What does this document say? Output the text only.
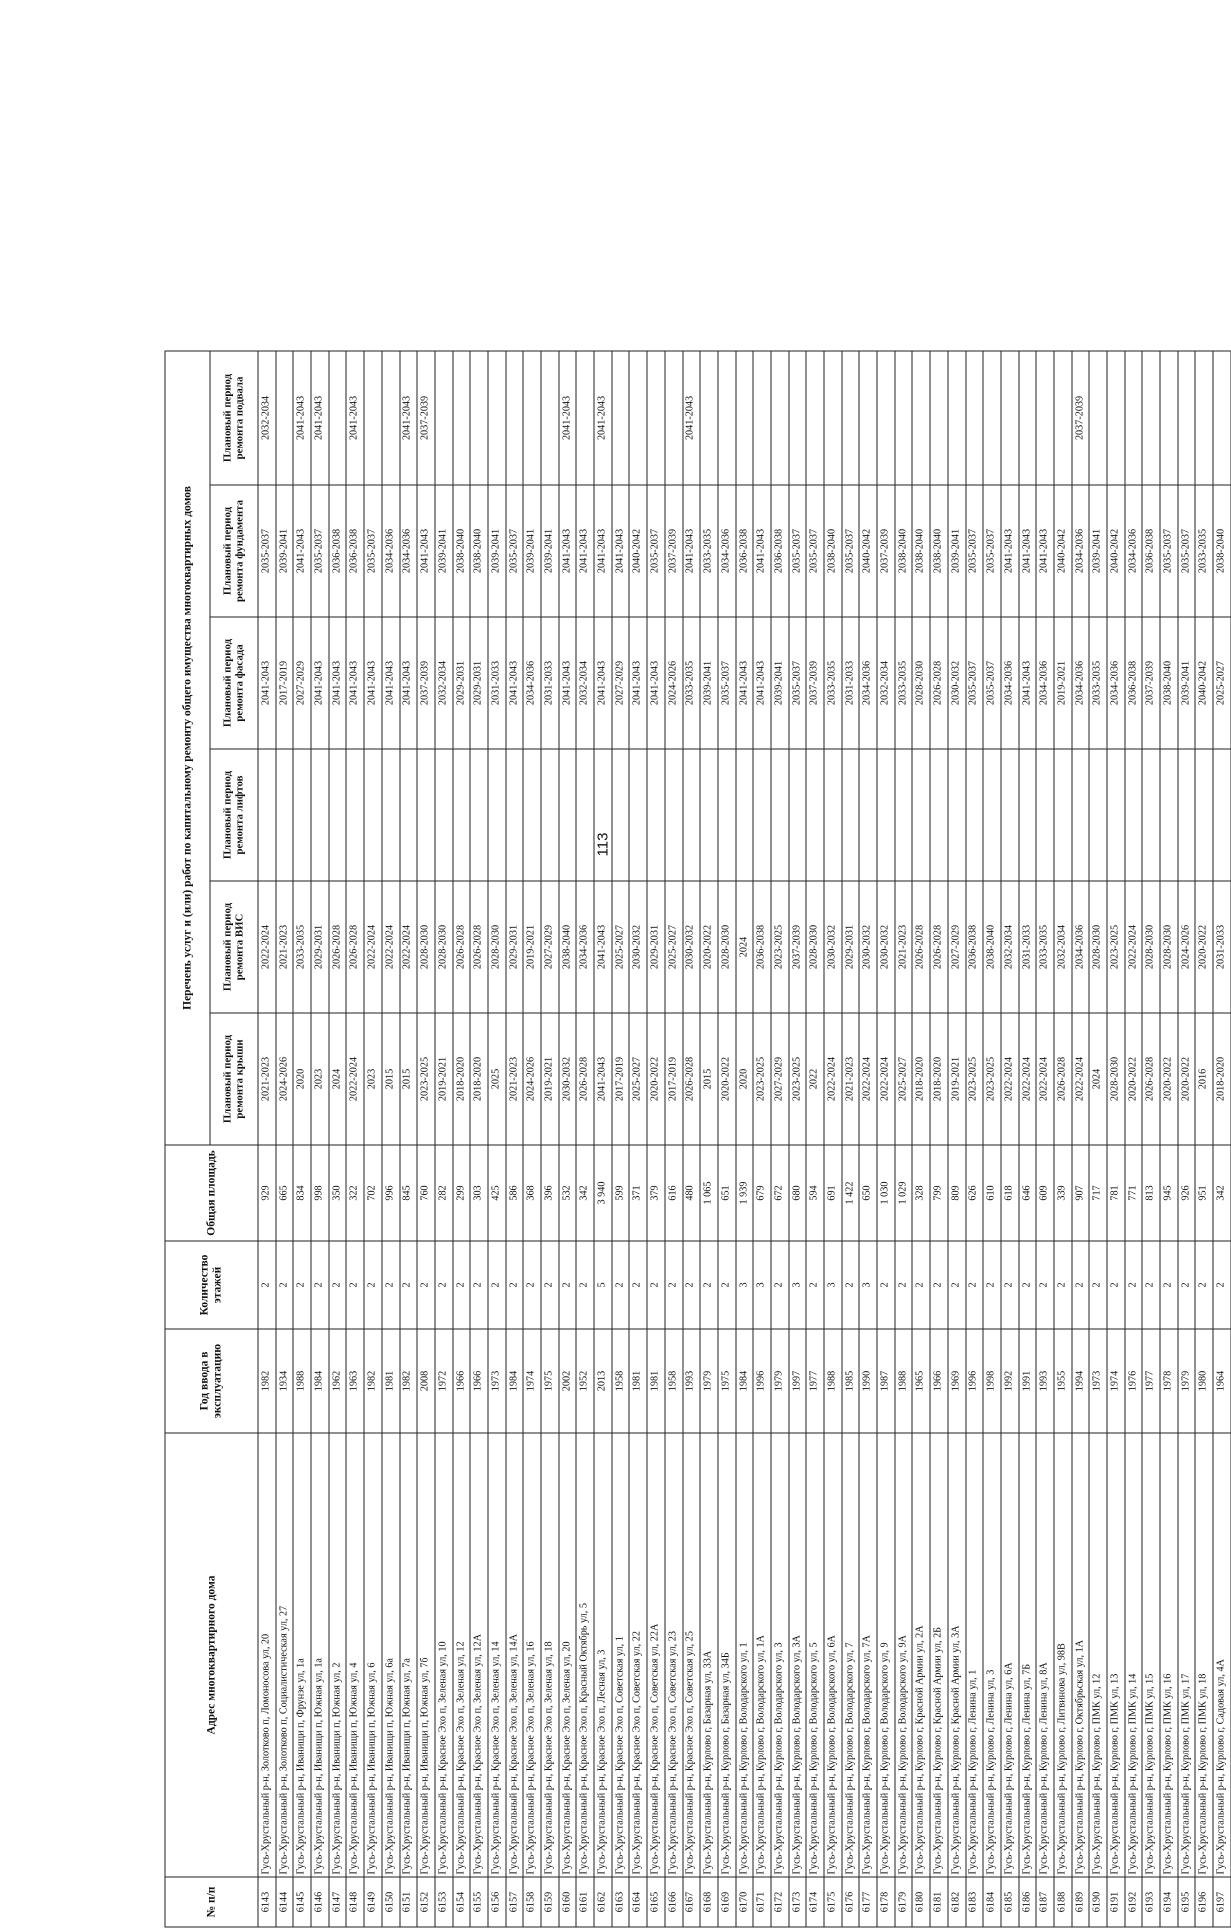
113
№ п/п	Адрес многоквартирного дома	Год ввода в эксплуатацию	Количество этажей	Общая площадь	Перечень услуг и (или) работ по капитальному ремонту общего имущества многоквартирных домов					
					Плановый период ремонта крыши	Плановый период ремонта ВИС	Плановый период ремонта лифтов	Плановый период ремонта фасада	Плановый период ремонта фундамента	Плановый период ремонта подвала
6143	Гусь-Хрустальный р-н, Золотково п, Ломоносова ул, 20	1982	2	929	2021-2023	2022-2024		2041-2043	2035-2037	2032-2034
6144	Гусь-Хрустальный р-н, Золотково п, Социалистическая ул, 27	1934	2	665	2024-2026	2021-2023		2017-2019	2039-2041	
6145	Гусь-Хрустальный р-н, Иванищи п, Фрунзе ул, 1а	1988	2	834	2020	2033-2035		2027-2029	2041-2043	2041-2043
6146	Гусь-Хрустальный р-н, Иванищи п, Южная ул, 1а	1984	2	998	2023	2029-2031		2041-2043	2035-2037	2041-2043
6147	Гусь-Хрустальный р-н, Иванищи п, Южная ул, 2	1962	2	350	2024	2026-2028		2041-2043	2036-2038	
6148	Гусь-Хрустальный р-н, Иванищи п, Южная ул, 4	1963	2	322	2022-2024	2026-2028		2041-2043	2036-2038	2041-2043
6149	Гусь-Хрустальный р-н, Иванищи п, Южная ул, 6	1982	2	702	2023	2022-2024		2041-2043	2035-2037	
6150	Гусь-Хрустальный р-н, Иванищи п, Южная ул, 6а	1981	2	996	2015	2022-2024		2041-2043	2034-2036	
6151	Гусь-Хрустальный р-н, Иванищи п, Южная ул, 7а	1982	2	845	2015	2022-2024		2041-2043	2034-2036	2041-2043
6152	Гусь-Хрустальный р-н, Иванищи п, Южная ул, 7б	2008	2	760	2023-2025	2028-2030		2037-2039	2041-2043	2037-2039
6153	Гусь-Хрустальный р-н, Красное Эхо п, Зеленая ул, 10	1972	2	282	2019-2021	2028-2030		2032-2034	2039-2041	
6154	Гусь-Хрустальный р-н, Красное Эхо п, Зеленая ул, 12	1966	2	299	2018-2020	2026-2028		2029-2031	2038-2040	
6155	Гусь-Хрустальный р-н, Красное Эхо п, Зеленая ул, 12А	1966	2	303	2018-2020	2026-2028		2029-2031	2038-2040	
6156	Гусь-Хрустальный р-н, Красное Эхо п, Зеленая ул, 14	1973	2	425	2025	2028-2030		2031-2033	2039-2041	
6157	Гусь-Хрустальный р-н, Красное Эхо п, Зеленая ул, 14А	1984	2	586	2021-2023	2029-2031		2041-2043	2035-2037	
6158	Гусь-Хрустальный р-н, Красное Эхо п, Зеленая ул, 16	1974	2	368	2024-2026	2019-2021		2034-2036	2039-2041	
6159	Гусь-Хрустальный р-н, Красное Эхо п, Зеленая ул, 18	1975	2	396	2019-2021	2027-2029		2031-2033	2039-2041	
6160	Гусь-Хрустальный р-н, Красное Эхо п, Зеленая ул, 20	2002	2	532	2030-2032	2038-2040		2041-2043	2041-2043	2041-2043
6161	Гусь-Хрустальный р-н, Красное Эхо п, Красный Октябрь ул, 5	1952	2	342	2026-2028	2034-2036		2032-2034	2041-2043	
6162	Гусь-Хрустальный р-н, Красное Эхо п, Лесная ул, 3	2013	5	3 940	2041-2043	2041-2043		2041-2043	2041-2043	2041-2043
6163	Гусь-Хрустальный р-н, Красное Эхо п, Советская ул, 1	1958	2	599	2017-2019	2025-2027		2027-2029	2041-2043	
6164	Гусь-Хрустальный р-н, Красное Эхо п, Советская ул, 22	1981	2	371	2025-2027	2030-2032		2041-2043	2040-2042	
6165	Гусь-Хрустальный р-н, Красное Эхо п, Советская ул, 22А	1981	2	379	2020-2022	2029-2031		2041-2043	2035-2037	
6166	Гусь-Хрустальный р-н, Красное Эхо п, Советская ул, 23	1958	2	616	2017-2019	2025-2027		2024-2026	2037-2039	
6167	Гусь-Хрустальный р-н, Красное Эхо п, Советская ул, 25	1993	2	480	2026-2028	2030-2032		2033-2035	2041-2043	2041-2043
6168	Гусь-Хрустальный р-н, Курлово г, Базарная ул, 33А	1979	2	1 065	2015	2020-2022		2039-2041	2033-2035	
6169	Гусь-Хрустальный р-н, Курлово г, Базарная ул, 34Б	1975	2	651	2020-2022	2028-2030		2035-2037	2034-2036	
6170	Гусь-Хрустальный р-н, Курлово г, Володарского ул, 1	1984	3	1 939	2020	2024		2041-2043	2036-2038	
6171	Гусь-Хрустальный р-н, Курлово г, Володарского ул, 1А	1996	3	679	2023-2025	2036-2038		2041-2043	2041-2043	
6172	Гусь-Хрустальный р-н, Курлово г, Володарского ул, 3	1979	2	672	2027-2029	2023-2025		2039-2041	2036-2038	
6173	Гусь-Хрустальный р-н, Курлово г, Володарского ул, 3А	1997	3	680	2023-2025	2037-2039		2035-2037	2035-2037	
6174	Гусь-Хрустальный р-н, Курлово г, Володарского ул, 5	1977	2	594	2022	2028-2030		2037-2039	2035-2037	
6175	Гусь-Хрустальный р-н, Курлово г, Володарского ул, 6А	1988	3	691	2022-2024	2030-2032		2033-2035	2038-2040	
6176	Гусь-Хрустальный р-н, Курлово г, Володарского ул, 7	1985	2	1 422	2021-2023	2029-2031		2031-2033	2035-2037	
6177	Гусь-Хрустальный р-н, Курлово г, Володарского ул, 7А	1990	3	650	2022-2024	2030-2032		2034-2036	2040-2042	
6178	Гусь-Хрустальный р-н, Курлово г, Володарского ул, 9	1987	2	1 030	2022-2024	2030-2032		2032-2034	2037-2039	
6179	Гусь-Хрустальный р-н, Курлово г, Володарского ул, 9А	1988	2	1 029	2025-2027	2021-2023		2033-2035	2038-2040	
6180	Гусь-Хрустальный р-н, Курлово г, Красной Армии ул, 2А	1965	2	328	2018-2020	2026-2028		2028-2030	2038-2040	
6181	Гусь-Хрустальный р-н, Курлово г, Красной Армии ул, 2Б	1966	2	799	2018-2020	2026-2028		2026-2028	2038-2040	
6182	Гусь-Хрустальный р-н, Курлово г, Красной Армии ул, 3А	1969	2	809	2019-2021	2027-2029		2030-2032	2039-2041	
6183	Гусь-Хрустальный р-н, Курлово г, Ленина ул, 1	1996	2	626	2023-2025	2036-2038		2035-2037	2035-2037	
6184	Гусь-Хрустальный р-н, Курлово г, Ленина ул, 3	1998	2	610	2023-2025	2038-2040		2035-2037	2035-2037	
6185	Гусь-Хрустальный р-н, Курлово г, Ленина ул, 6А	1992	2	618	2022-2024	2032-2034		2034-2036	2041-2043	
6186	Гусь-Хрустальный р-н, Курлово г, Ленина ул, 7Б	1991	2	646	2022-2024	2031-2033		2041-2043	2041-2043	
6187	Гусь-Хрустальный р-н, Курлово г, Ленина ул, 8А	1993	2	609	2022-2024	2033-2035		2034-2036	2041-2043	
6188	Гусь-Хрустальный р-н, Курлово г, Литвинова ул, 98В	1955	2	339	2026-2028	2032-2034		2019-2021	2040-2042	
6189	Гусь-Хрустальный р-н, Курлово г, Октябрьская ул, 1А	1994	2	907	2022-2024	2034-2036		2034-2036	2034-2036	2037-2039
6190	Гусь-Хрустальный р-н, Курлово г, ПМК ул, 12	1973	2	717	2024	2028-2030		2033-2035	2039-2041	
6191	Гусь-Хрустальный р-н, Курлово г, ПМК ул, 13	1974	2	781	2028-2030	2023-2025		2034-2036	2040-2042	
6192	Гусь-Хрустальный р-н, Курлово г, ПМК ул, 14	1976	2	771	2020-2022	2022-2024		2036-2038	2034-2036	
6193	Гусь-Хрустальный р-н, Курлово г, ПМК ул, 15	1977	2	813	2026-2028	2028-2030		2037-2039	2036-2038	
6194	Гусь-Хрустальный р-н, Курлово г, ПМК ул, 16	1978	2	945	2020-2022	2028-2030		2038-2040	2035-2037	
6195	Гусь-Хрустальный р-н, Курлово г, ПМК ул, 17	1979	2	926	2020-2022	2024-2026		2039-2041	2035-2037	
6196	Гусь-Хрустальный р-н, Курлово г, ПМК ул, 18	1980	2	951	2016	2020-2022		2040-2042	2033-2035	
6197	Гусь-Хрустальный р-н, Курлово г, Садовая ул, 4А	1964	2	342	2018-2020	2031-2033		2025-2027	2038-2040	
